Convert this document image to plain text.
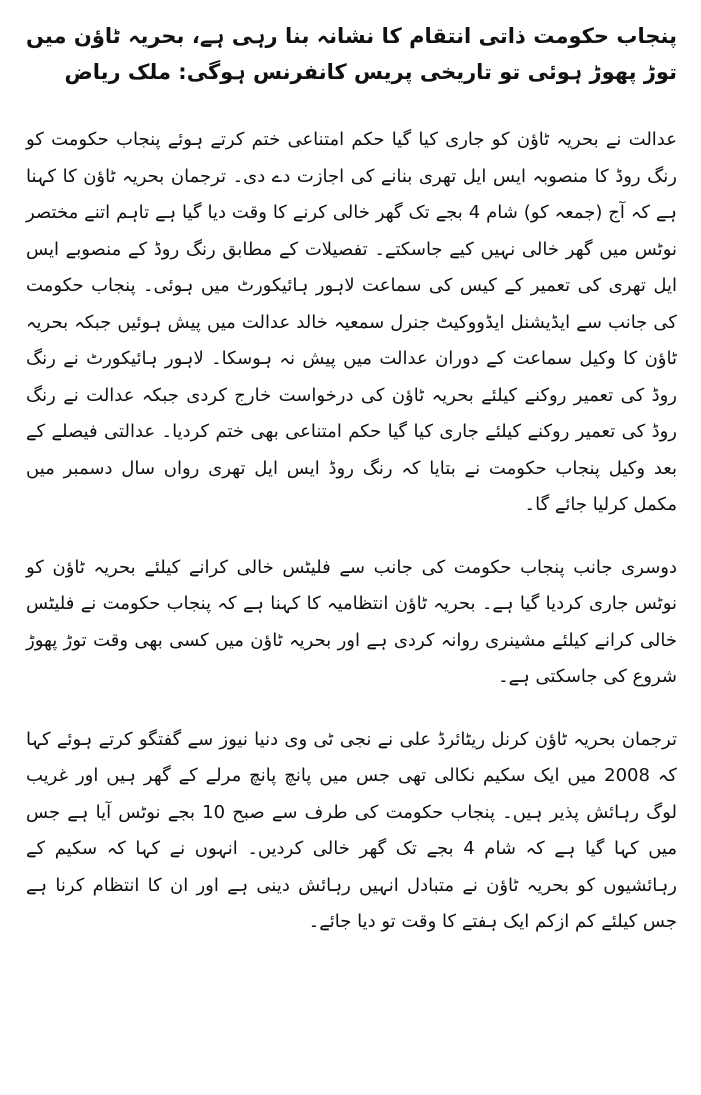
پنجاب حکومت ذاتی انتقام کا نشانہ بنا رہی ہے، بحریہ ٹاؤن میں توڑ پھوڑ ہوئی تو تاریخی پریس کانفرنس ہوگی: ملک ریاض

عدالت نے بحریہ ٹاؤن کو جاری کیا گیا حکم امتناعی ختم کرتے ہوئے پنجاب حکومت کو رنگ روڈ کا منصوبہ ایس ایل تھری بنانے کی اجازت دے دی۔ ترجمان بحریہ ٹاؤن کا کہنا ہے کہ آج (جمعہ کو) شام 4 بجے تک گھر خالی کرنے کا وقت دیا گیا ہے تاہم اتنے مختصر نوٹس میں گھر خالی نہیں کیے جاسکتے۔ تفصیلات کے مطابق رنگ روڈ کے منصوبے ایس ایل تھری کی تعمیر کے کیس کی سماعت لاہور ہائیکورٹ میں ہوئی۔ پنجاب حکومت کی جانب سے ایڈیشنل ایڈووکیٹ جنرل سمعیہ خالد عدالت میں پیش ہوئیں جبکہ بحریہ ٹاؤن کا وکیل سماعت کے دوران عدالت میں پیش نہ ہوسکا۔ لاہور ہائیکورٹ نے رنگ روڈ کی تعمیر روکنے کیلئے بحریہ ٹاؤن کی درخواست خارج کردی جبکہ عدالت نے رنگ روڈ کی تعمیر روکنے کیلئے جاری کیا گیا حکم امتناعی بھی ختم کردیا۔ عدالتی فیصلے کے بعد وکیل پنجاب حکومت نے بتایا کہ رنگ روڈ ایس ایل تھری رواں سال دسمبر میں مکمل کرلیا جائے گا۔

دوسری جانب پنجاب حکومت کی جانب سے فلیٹس خالی کرانے کیلئے بحریہ ٹاؤن کو نوٹس جاری کردیا گیا ہے۔ بحریہ ٹاؤن انتظامیہ کا کہنا ہے کہ پنجاب حکومت نے فلیٹس خالی کرانے کیلئے مشینری روانہ کردی ہے اور بحریہ ٹاؤن میں کسی بھی وقت توڑ پھوڑ شروع کی جاسکتی ہے۔

ترجمان بحریہ ٹاؤن کرنل ریٹائرڈ علی نے نجی ٹی وی دنیا نیوز سے گفتگو کرتے ہوئے کہا کہ 2008 میں ایک سکیم نکالی تھی جس میں پانچ پانچ مرلے کے گھر ہیں اور غریب لوگ رہائش پذیر ہیں۔ پنجاب حکومت کی طرف سے صبح 10 بجے نوٹس آیا ہے جس میں کہا گیا ہے کہ شام 4 بجے تک گھر خالی کردیں۔ انہوں نے کہا کہ سکیم کے رہائشیوں کو بحریہ ٹاؤن نے متبادل انہیں رہائش دینی ہے اور ان کا انتظام کرنا ہے جس کیلئے کم ازکم ایک ہفتے کا وقت تو دیا جائے۔
